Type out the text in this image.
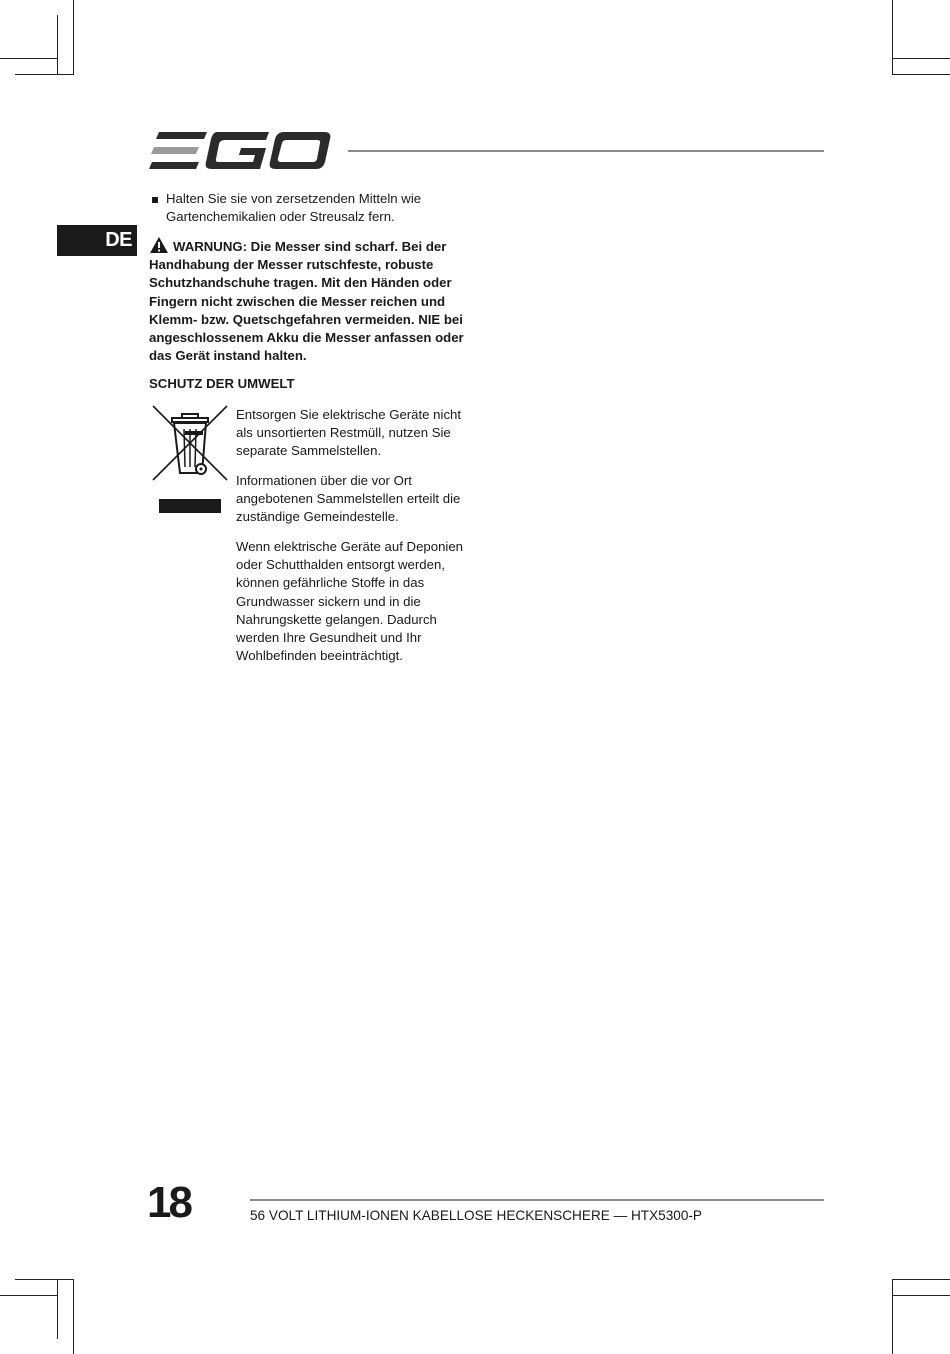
DE
Halten Sie sie von zersetzenden Mitteln wie Gartenchemikalien oder Streusalz fern.
WARNUNG: Die Messer sind scharf. Bei der Handhabung der Messer rutschfeste, robuste Schutzhandschuhe tragen. Mit den Händen oder Fingern nicht zwischen die Messer reichen und Klemm- bzw. Quetschgefahren vermeiden. NIE bei angeschlossenem Akku die Messer anfassen oder das Gerät instand halten.
SCHUTZ DER UMWELT
Entsorgen Sie elektrische Geräte nicht als unsortierten Restmüll, nutzen Sie separate Sammelstellen.
Informationen über die vor Ort angebotenen Sammelstellen erteilt die zuständige Gemeindestelle.
Wenn elektrische Geräte auf Deponien oder Schutthalden entsorgt werden, können gefährliche Stoffe in das Grundwasser sickern und in die Nahrungskette gelangen. Dadurch werden Ihre Gesundheit und Ihr Wohlbefinden beeinträchtigt.
18	56 VOLT LITHIUM-IONEN KABELLOSE HECKENSCHERE — HTX5300-P
